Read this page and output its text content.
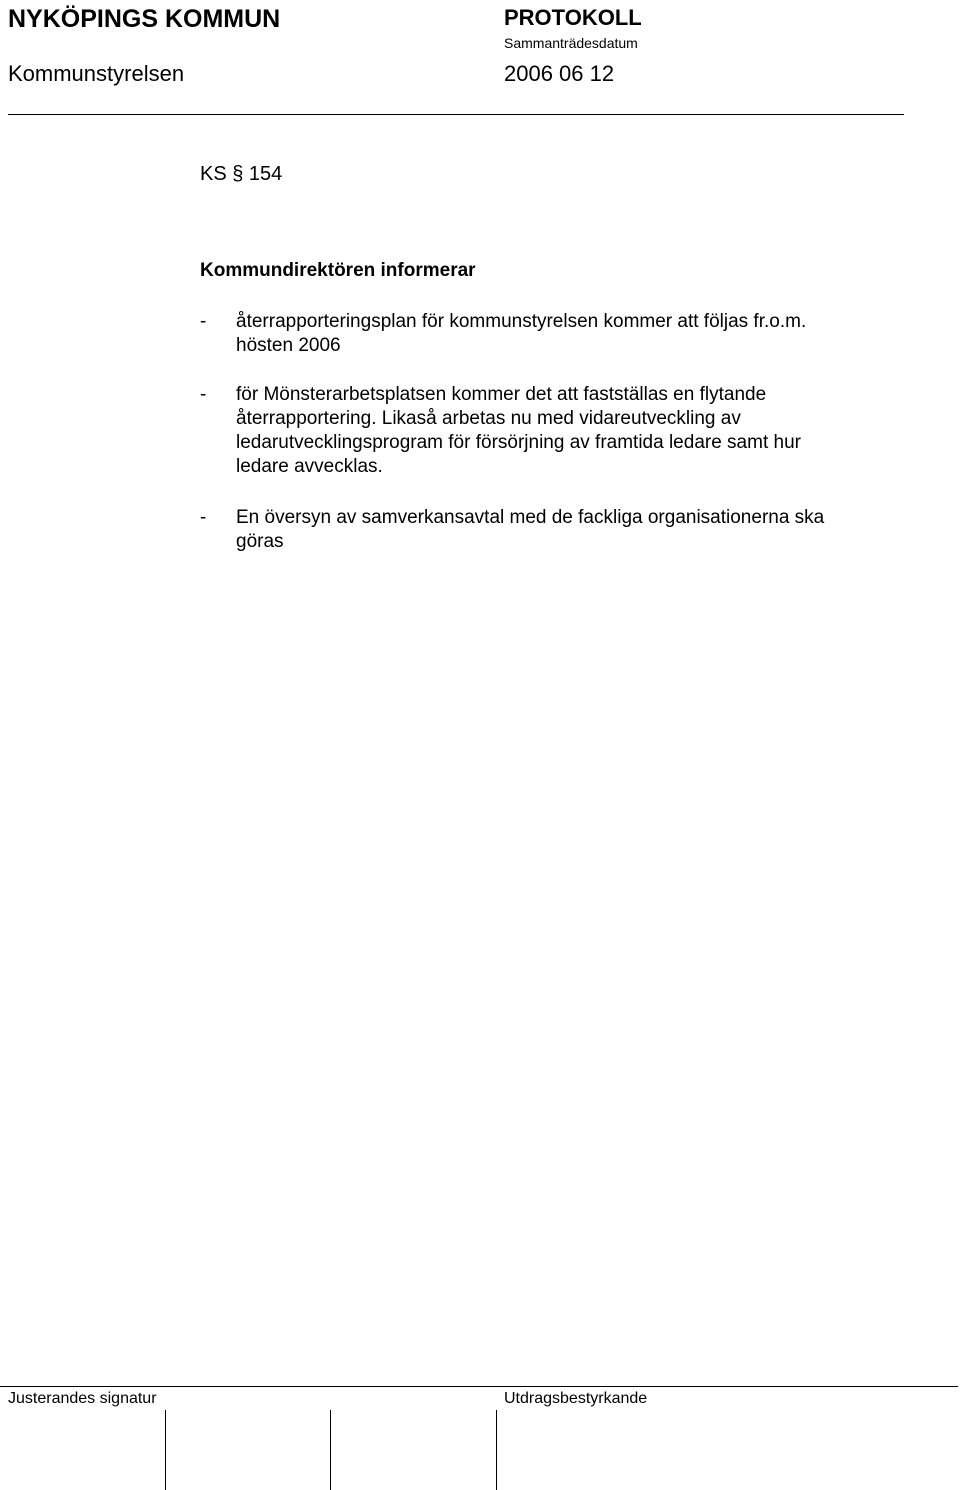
NYKÖPINGS KOMMUN	PROTOKOLL
Sammanträdesdatum
Kommunstyrelsen	2006 06 12
KS § 154
Kommundirektören informerar
-	återrapporteringsplan för kommunstyrelsen kommer att följas fr.o.m.
hösten 2006
-	för Mönsterarbetsplatsen kommer det att fastställas en flytande
återrapportering. Likaså arbetas nu med vidareutveckling av
ledarutvecklingsprogram för försörjning av framtida ledare samt hur
ledare avvecklas.
-	En översyn av samverkansavtal med de fackliga organisationerna ska
göras
Justerandes signatur	Utdragsbestyrkande
